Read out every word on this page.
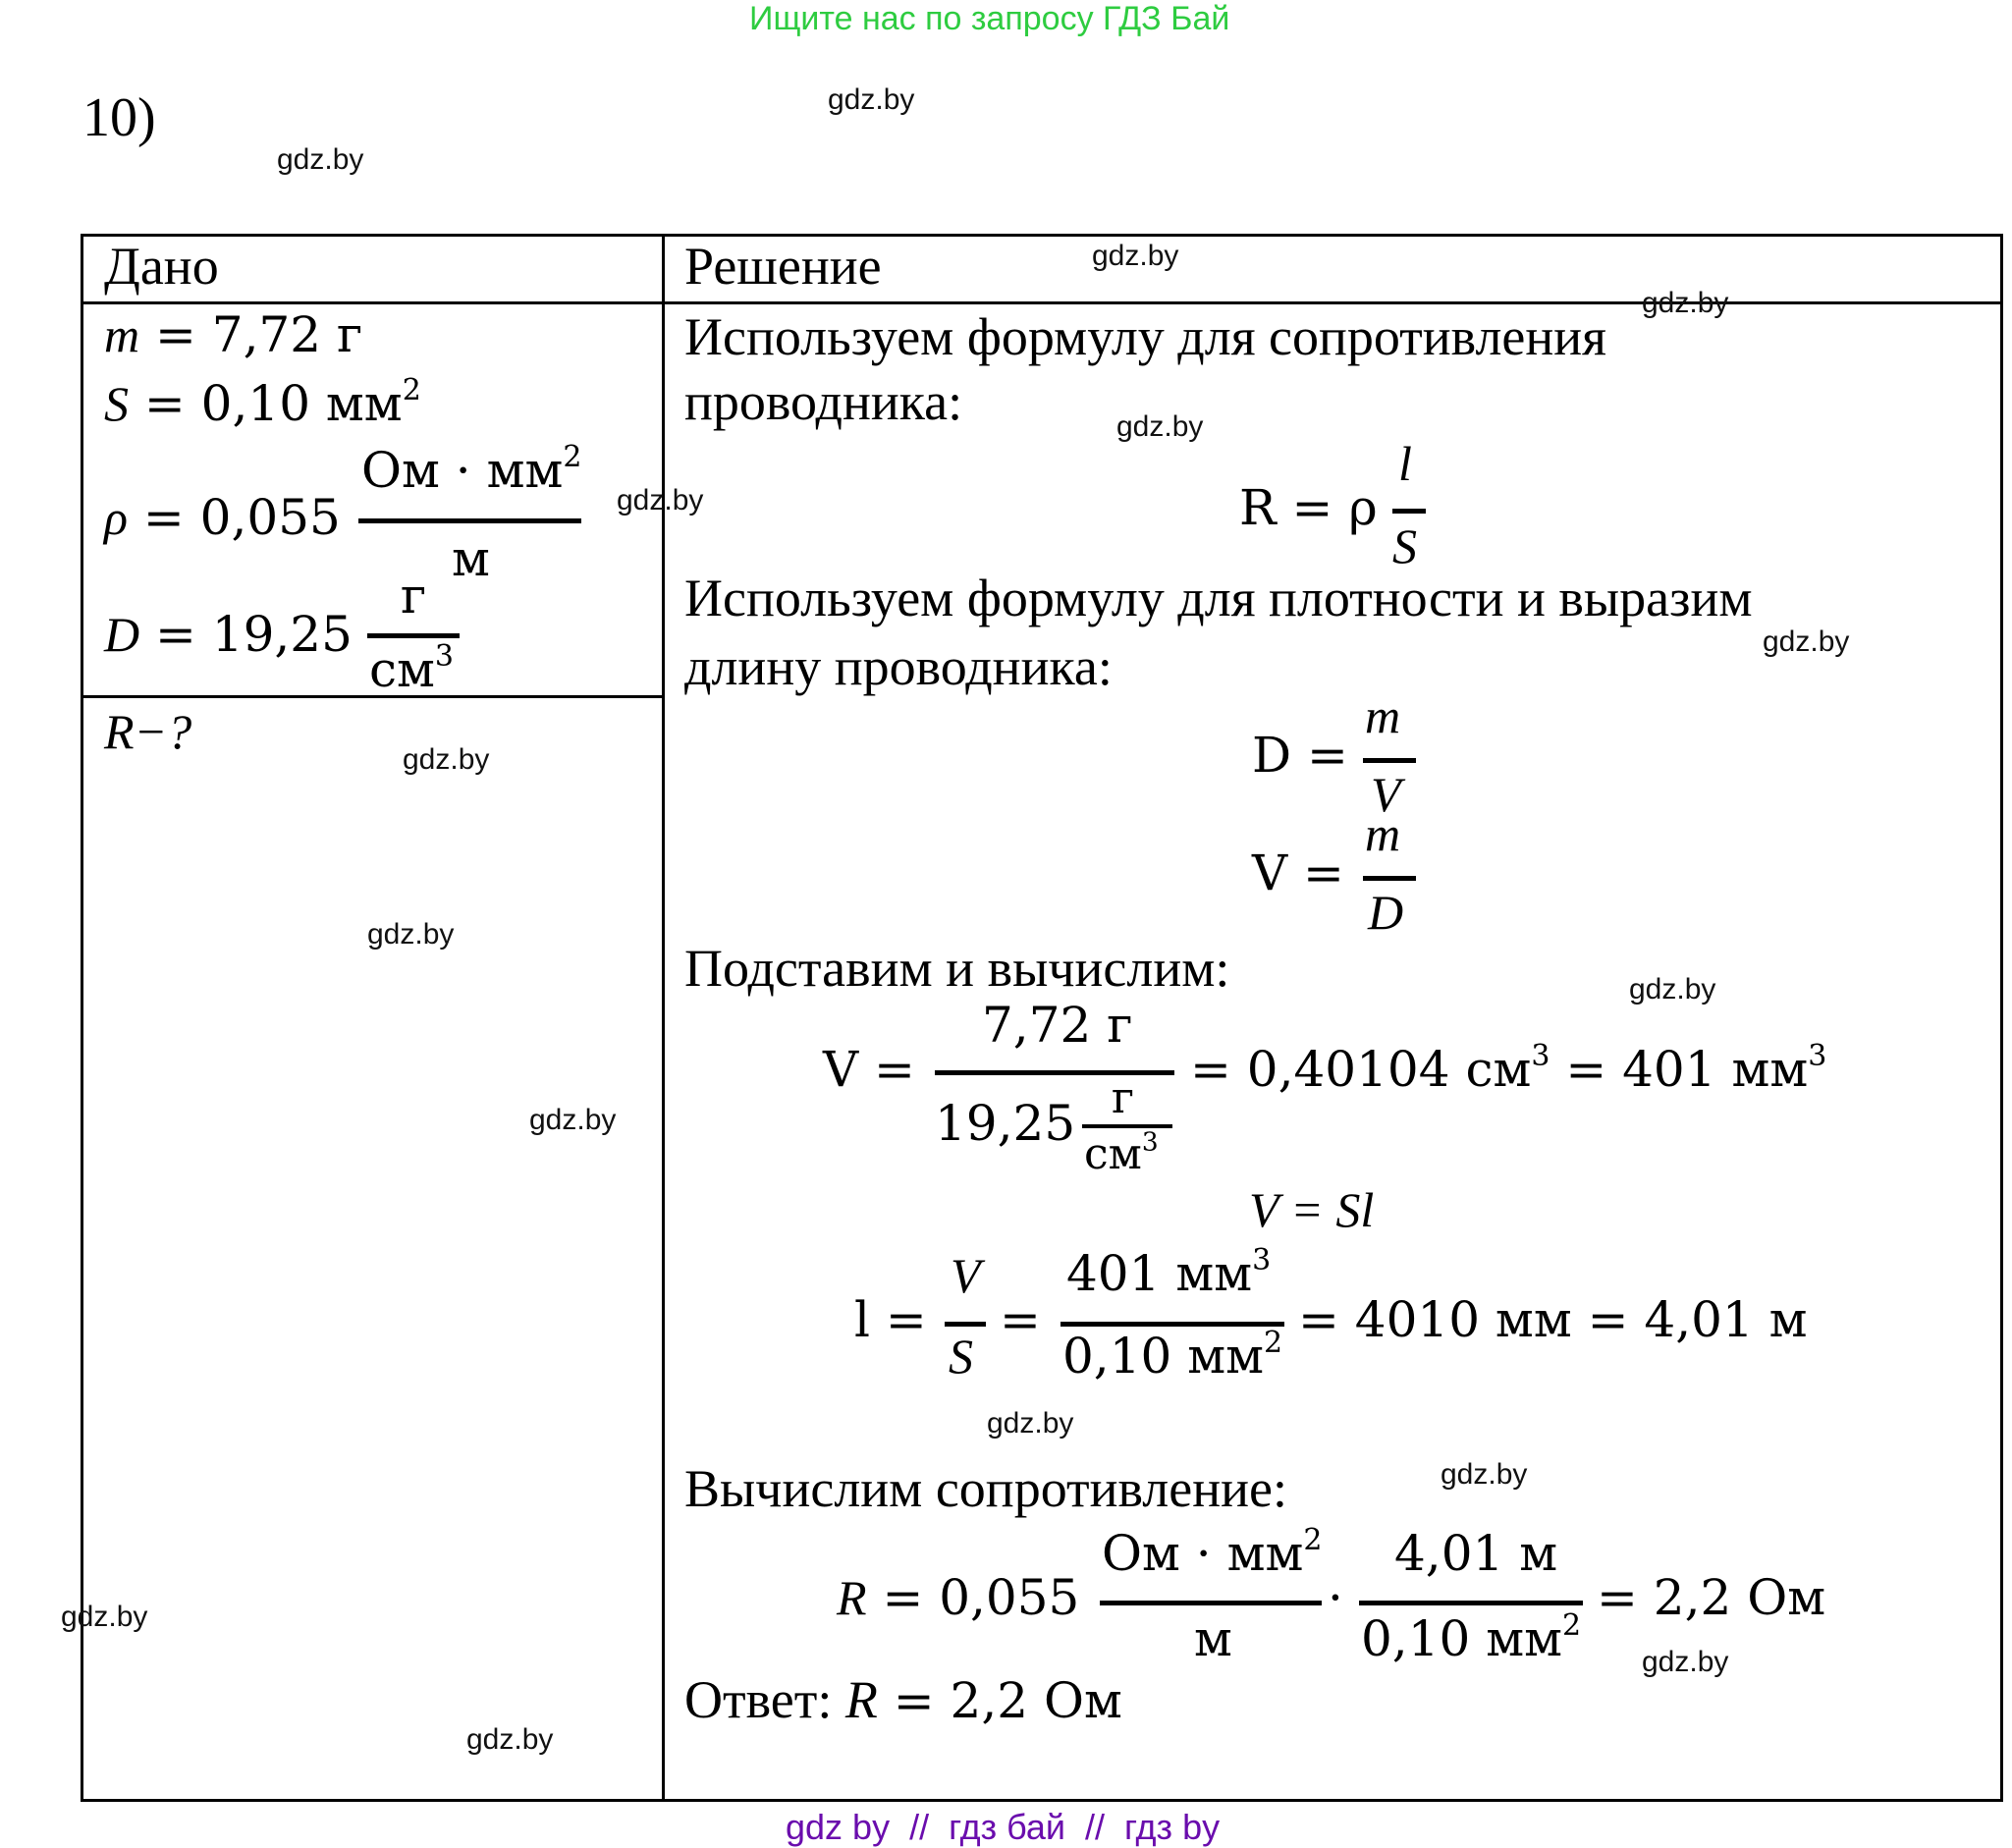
Ищите нас по запросу ГДЗ Бай
10)
Дано	Решение
m = 7,72 г
S = 0,10 $мм^2$
ρ = 0,055
Ом · $мм^2$
м
D = 19,25
г
$см^3$
R−?
Используем формулу для сопротивления
проводника:
R = ρ
l
S
Используем формулу для плотности и выразим
длину проводника:
D =
m
V
V =
m
D
Подставим и вычислим:
V =
7,72 г
19,25 г
$см^3$
= 0,40104 $см^3 = 401$ $мм^3$
V = Sl
l =
V
S
=
401 $мм^3$
0,10 $мм^2 = 4010$ мм = 4,01 м
Вычислим сопротивление:
R = 0,055
Ом · $мм^2$
м
·
4,01 м
0,10 $мм^2 = 2,2$ Ом
Ответ: R = 2,2 Ом
gdz.by
gdz.by
gdz.by
gdz.by
gdz.by
gdz.by
gdz.by
gdz.by
gdz.by
gdz.by
gdz.by
gdz.by
gdz.by
gdz.by
gdz.by
gdz.by
gdz by  //  гдз бай  //  гдз by
